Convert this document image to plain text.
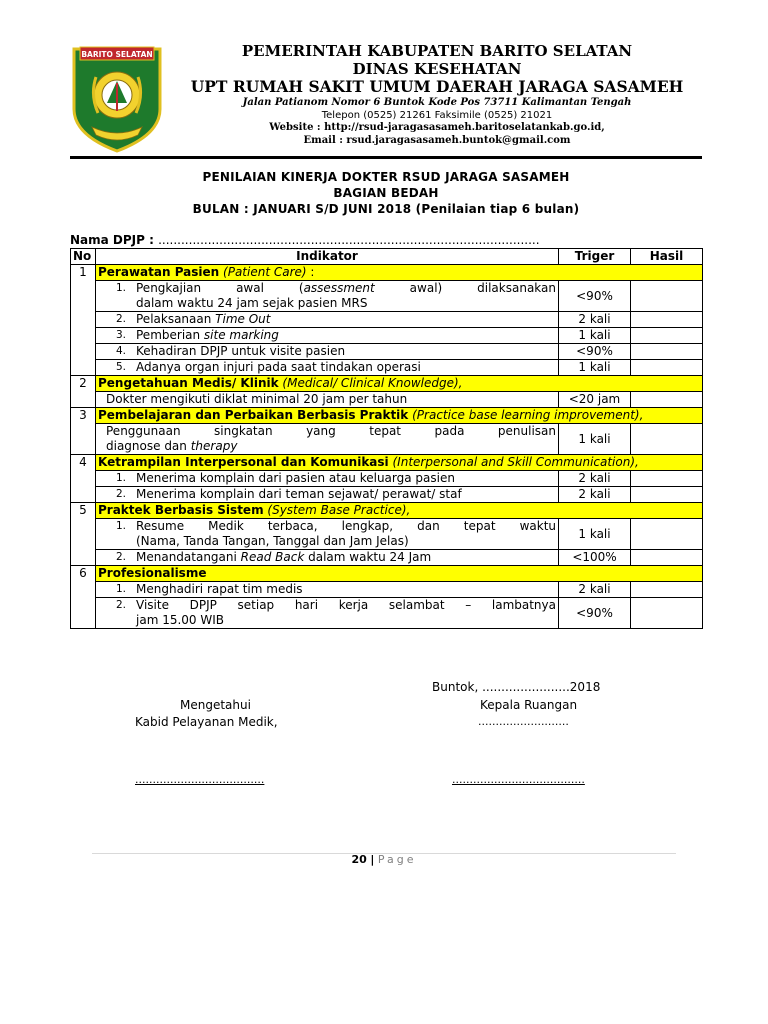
BARITO SELATAN	PEMERINTAH KABUPATEN BARITO SELATAN
DINAS KESEHATAN
UPT RUMAH SAKIT UMUM DAERAH JARAGA SASAMEH
Jalan Patianom Nomor 6 Buntok Kode Pos 73711 Kalimantan Tengah
Telepon (0525) 21261 Faksimile (0525) 21021
Website : http://rsud-jaragasasameh.baritoselatankab.go.id,
Email : rsud.jaragasasameh.buntok@gmail.com
PENILAIAN KINERJA DOKTER RSUD JARAGA SASAMEH
BAGIAN BEDAH
BULAN : JANUARI S/D JUNI 2018 (Penilaian tiap 6 bulan)
Nama DPJP : ....................................................................................................
No	Indikator	Triger	Hasil
1	Perawatan Pasien (Patient Care) :		

	1. Pengkajian awal (assessment awal) dilaksanakan
dalam waktu 24 jam sejak pasien MRS	<90%	

	2. Pelaksanaan Time Out	2 kali	

	3. Pemberian site marking	1 kali	

	4. Kehadiran DPJP untuk visite pasien	<90%	

	5. Adanya organ injuri pada saat tindakan operasi	1 kali	
2	Pengetahuan Medis/ Klinik (Medical/ Clinical Knowledge),		

	Dokter mengikuti diklat minimal 20 jam per tahun	<20 jam	
3	Pembelajaran dan Perbaikan Berbasis Praktik (Practice base learning improvement),		

	Penggunaan singkatan yang tepat pada penulisan
diagnose dan therapy	1 kali	
4	Ketrampilan Interpersonal dan Komunikasi (Interpersonal and Skill Communication),		

	1. Menerima komplain dari pasien atau keluarga pasien	2 kali	

	2. Menerima komplain dari teman sejawat/ perawat/ staf	2 kali	
5	Praktek Berbasis Sistem (System Base Practice),		

	1. Resume Medik terbaca, lengkap, dan tepat waktu
(Nama, Tanda Tangan, Tanggal dan Jam Jelas)	1 kali	

	2. Menandatangani Read Back dalam waktu 24 Jam	<100%	
6	Profesionalisme		

	1. Menghadiri rapat tim medis	2 kali	

	2. Visite DPJP setiap hari kerja selambat – lambatnya
jam 15.00 WIB	<90%	
Buntok, .......................2018
Mengetahui	Kepala Ruangan
Kabid Pelayanan Medik,	..........................
.....................................	......................................
20 | Page
